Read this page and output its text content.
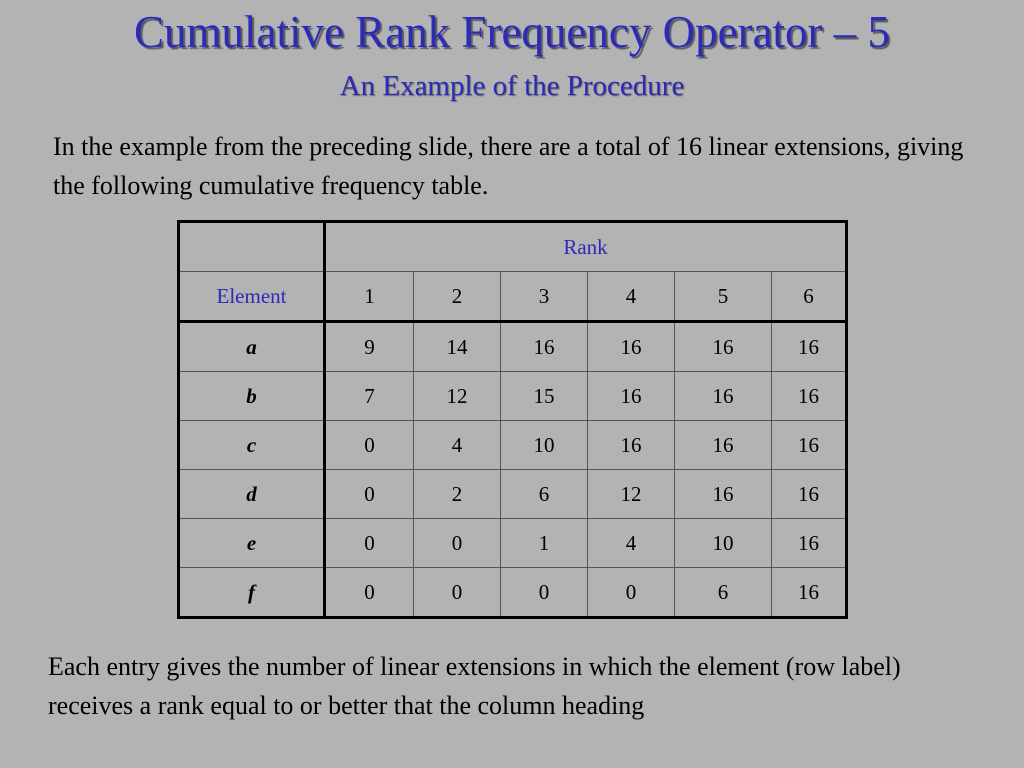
Cumulative Rank Frequency Operator – 5
An Example of the Procedure
In the example from the preceding slide, there are a total of 16 linear extensions, giving the following cumulative frequency table.
	Rank					
Element	1	2	3	4	5	6
a	9	14	16	16	16	16
b	7	12	15	16	16	16
c	0	4	10	16	16	16
d	0	2	6	12	16	16
e	0	0	1	4	10	16
f	0	0	0	0	6	16
Each entry gives the number of linear extensions in which the element (row label) receives a rank equal to or better that the column heading
